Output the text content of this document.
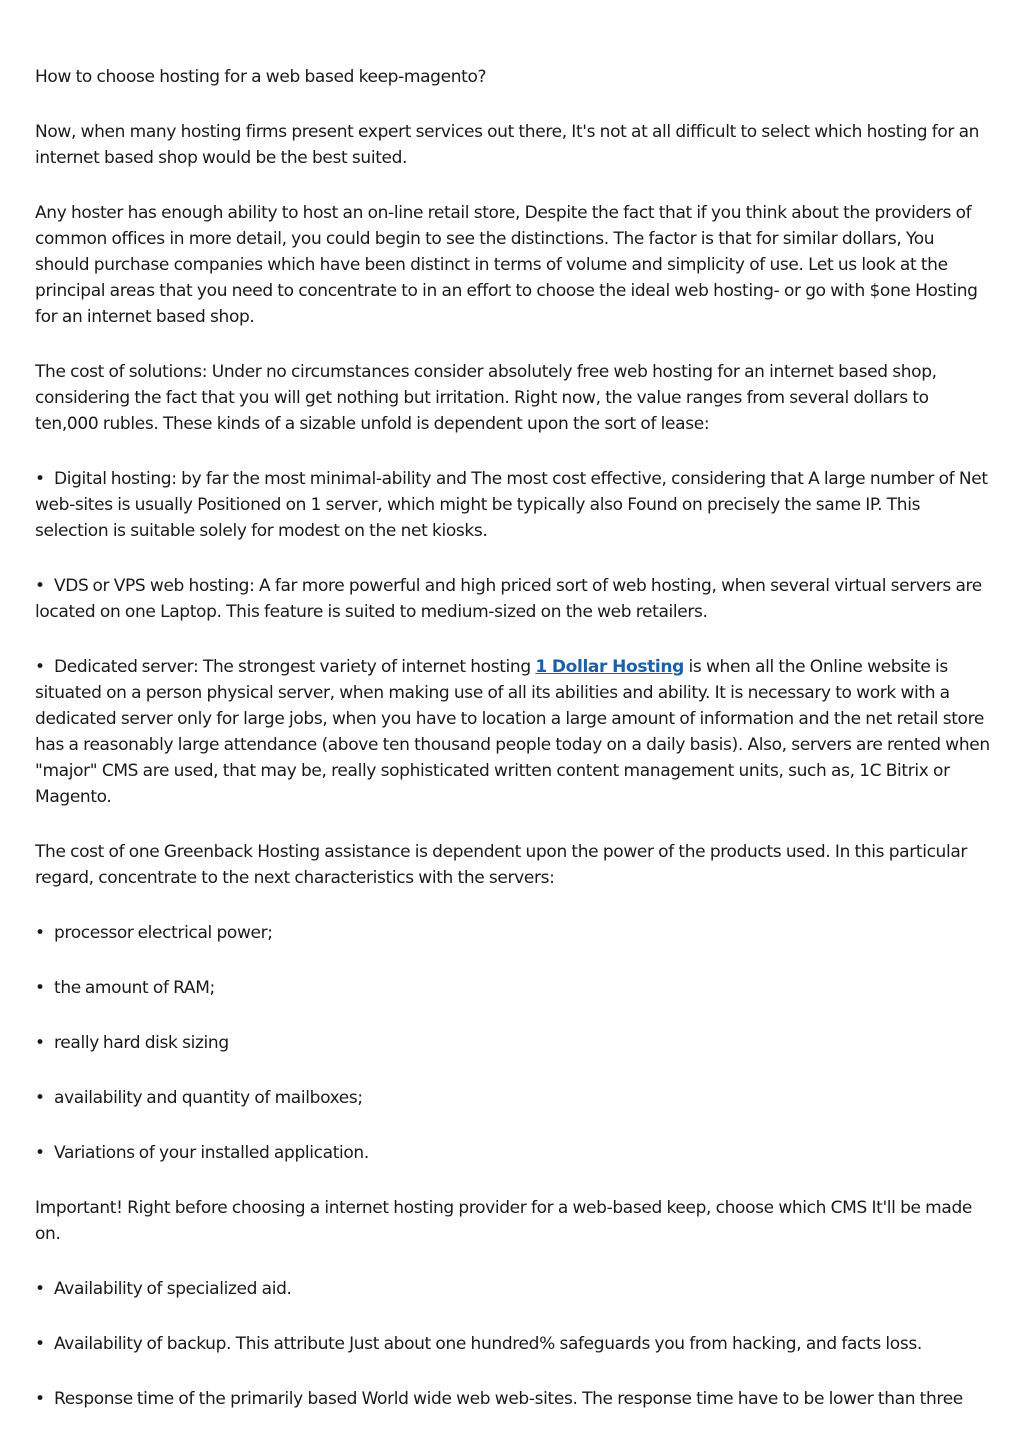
How to choose hosting for a web based keep-magento?

Now, when many hosting firms present expert services out there, It's not at all difficult to select which hosting for an internet based shop would be the best suited.

Any hoster has enough ability to host an on-line retail store, Despite the fact that if you think about the providers of common offices in more detail, you could begin to see the distinctions. The factor is that for similar dollars, You should purchase companies which have been distinct in terms of volume and simplicity of use. Let us look at the principal areas that you need to concentrate to in an effort to choose the ideal web hosting- or go with $one Hosting for an internet based shop.

The cost of solutions: Under no circumstances consider absolutely free web hosting for an internet based shop, considering the fact that you will get nothing but irritation. Right now, the value ranges from several dollars to ten,000 rubles. These kinds of a sizable unfold is dependent upon the sort of lease:

• Digital hosting: by far the most minimal-ability and The most cost effective, considering that A large number of Net web-sites is usually Positioned on 1 server, which might be typically also Found on precisely the same IP. This selection is suitable solely for modest on the net kiosks.

• VDS or VPS web hosting: A far more powerful and high priced sort of web hosting, when several virtual servers are located on one Laptop. This feature is suited to medium-sized on the web retailers.

• Dedicated server: The strongest variety of internet hosting 1 Dollar Hosting is when all the Online website is situated on a person physical server, when making use of all its abilities and ability. It is necessary to work with a dedicated server only for large jobs, when you have to location a large amount of information and the net retail store has a reasonably large attendance (above ten thousand people today on a daily basis). Also, servers are rented when "major" CMS are used, that may be, really sophisticated written content management units, such as, 1C Bitrix or Magento.

The cost of one Greenback Hosting assistance is dependent upon the power of the products used. In this particular regard, concentrate to the next characteristics with the servers:

• processor electrical power;

• the amount of RAM;

• really hard disk sizing

• availability and quantity of mailboxes;

• Variations of your installed application.

Important! Right before choosing a internet hosting provider for a web-based keep, choose which CMS It'll be made on.

• Availability of specialized aid.

• Availability of backup. This attribute Just about one hundred% safeguards you from hacking, and facts loss.

• Response time of the primarily based World wide web web-sites. The response time have to be lower than three
